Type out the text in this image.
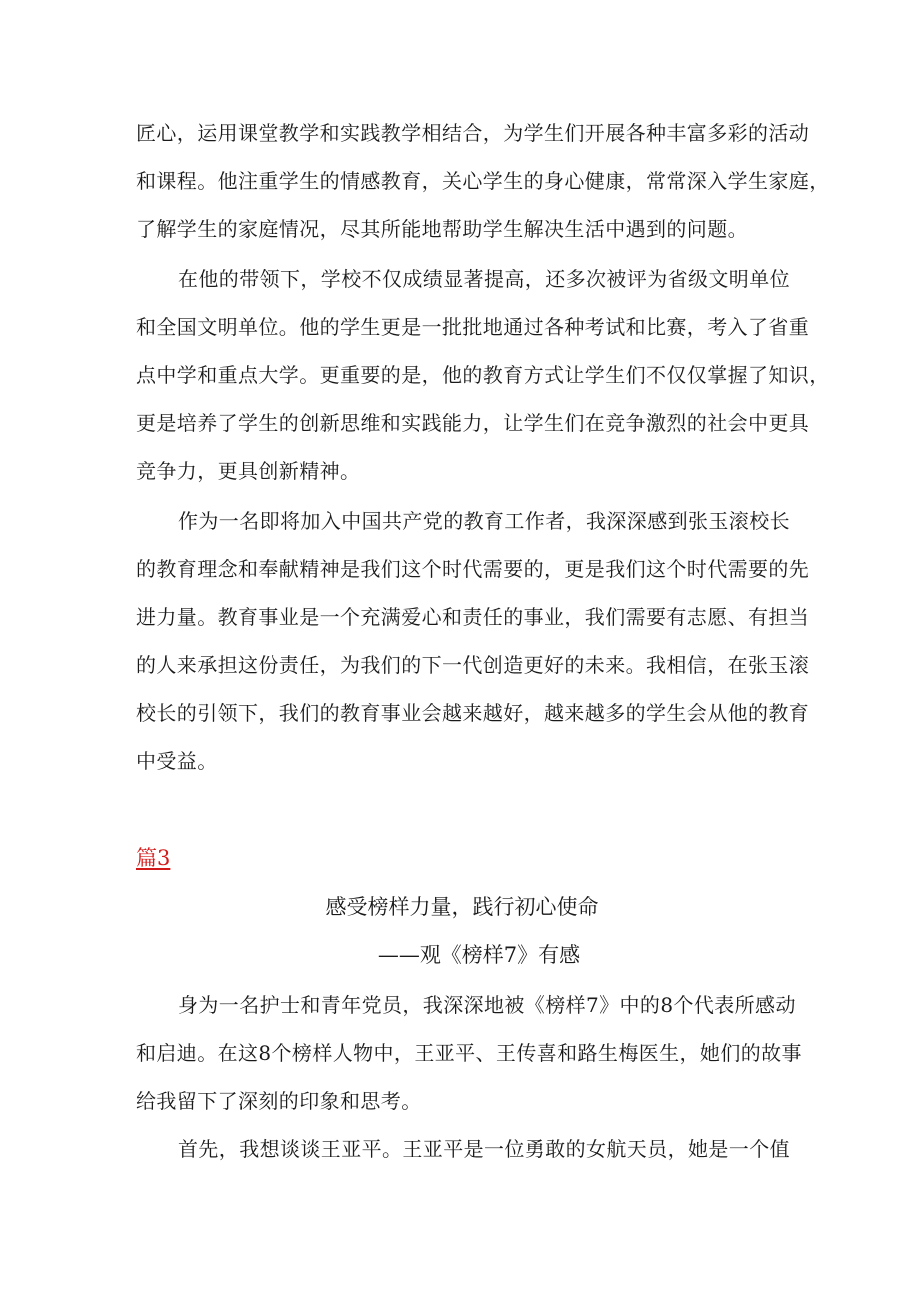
匠心，运用课堂教学和实践教学相结合，为学生们开展各种丰富多彩的活动
和课程。他注重学生的情感教育，关心学生的身心健康，常常深入学生家庭，
了解学生的家庭情况，尽其所能地帮助学生解决生活中遇到的问题。
在他的带领下，学校不仅成绩显著提高，还多次被评为省级文明单位
和全国文明单位。他的学生更是一批批地通过各种考试和比赛，考入了省重
点中学和重点大学。更重要的是，他的教育方式让学生们不仅仅掌握了知识，
更是培养了学生的创新思维和实践能力，让学生们在竞争激烈的社会中更具
竞争力，更具创新精神。
作为一名即将加入中国共产党的教育工作者，我深深感到张玉滚校长
的教育理念和奉献精神是我们这个时代需要的，更是我们这个时代需要的先
进力量。教育事业是一个充满爱心和责任的事业，我们需要有志愿、有担当
的人来承担这份责任，为我们的下一代创造更好的未来。我相信，在张玉滚
校长的引领下，我们的教育事业会越来越好，越来越多的学生会从他的教育
中受益。
篇3
感受榜样力量，践行初心使命
——观《榜样7》有感
身为一名护士和青年党员，我深深地被《榜样7》中的8个代表所感动
和启迪。在这8个榜样人物中，王亚平、王传喜和路生梅医生，她们的故事
给我留下了深刻的印象和思考。
首先，我想谈谈王亚平。王亚平是一位勇敢的女航天员，她是一个值
